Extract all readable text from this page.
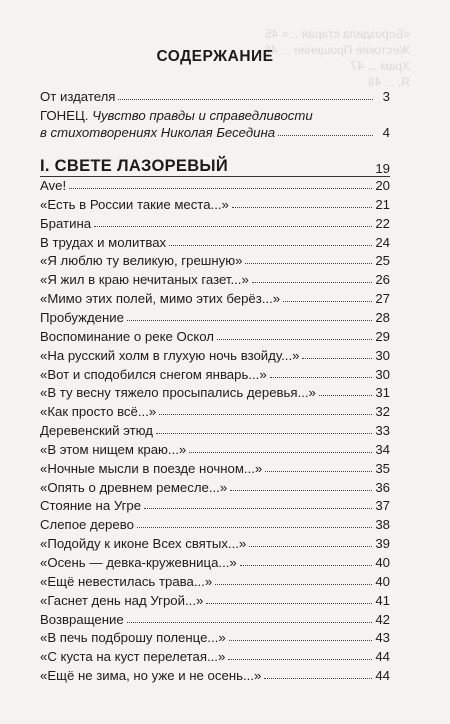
«Бороздила старая ...» 45
Жестокие Прощение ... 46
Храм ... 47
Я, ... 48

СОДЕРЖАНИЕ
От издателя	3
ГОНЕЦ. Чувство правды и справедливости
в стихотворениях Николая Беседина	4
I. СВЕТЕ ЛАЗОРЕВЫЙ	19
Ave!	20
«Есть в России такие места...»	21
Братина	22
В трудах и молитвах	24
«Я люблю ту великую, грешную»	25
«Я жил в краю нечитаных газет...»	26
«Мимо этих полей, мимо этих берёз...»	27
Пробуждение	28
Воспоминание о реке Оскол	29
«На русский холм в глухую ночь взойду...»	30
«Вот и сподобился снегом январь...»	30
«В ту весну тяжело просыпались деревья...»	31
«Как просто всё...»	32
Деревенский этюд	33
«В этом нищем краю...»	34
«Ночные мысли в поезде ночном...»	35
«Опять о древнем ремесле...»	36
Стояние на Угре	37
Слепое дерево	38
«Подойду к иконе Всех святых...»	39
«Осень — девка-кружевница...»	40
«Ещё невестилась трава...»	40
«Гаснет день над Угрой...»	41
Возвращение	42
«В печь подброшу поленце...»	43
«С куста на куст перелетая...»	44
«Ещё не зима, но уже и не осень...»	44
